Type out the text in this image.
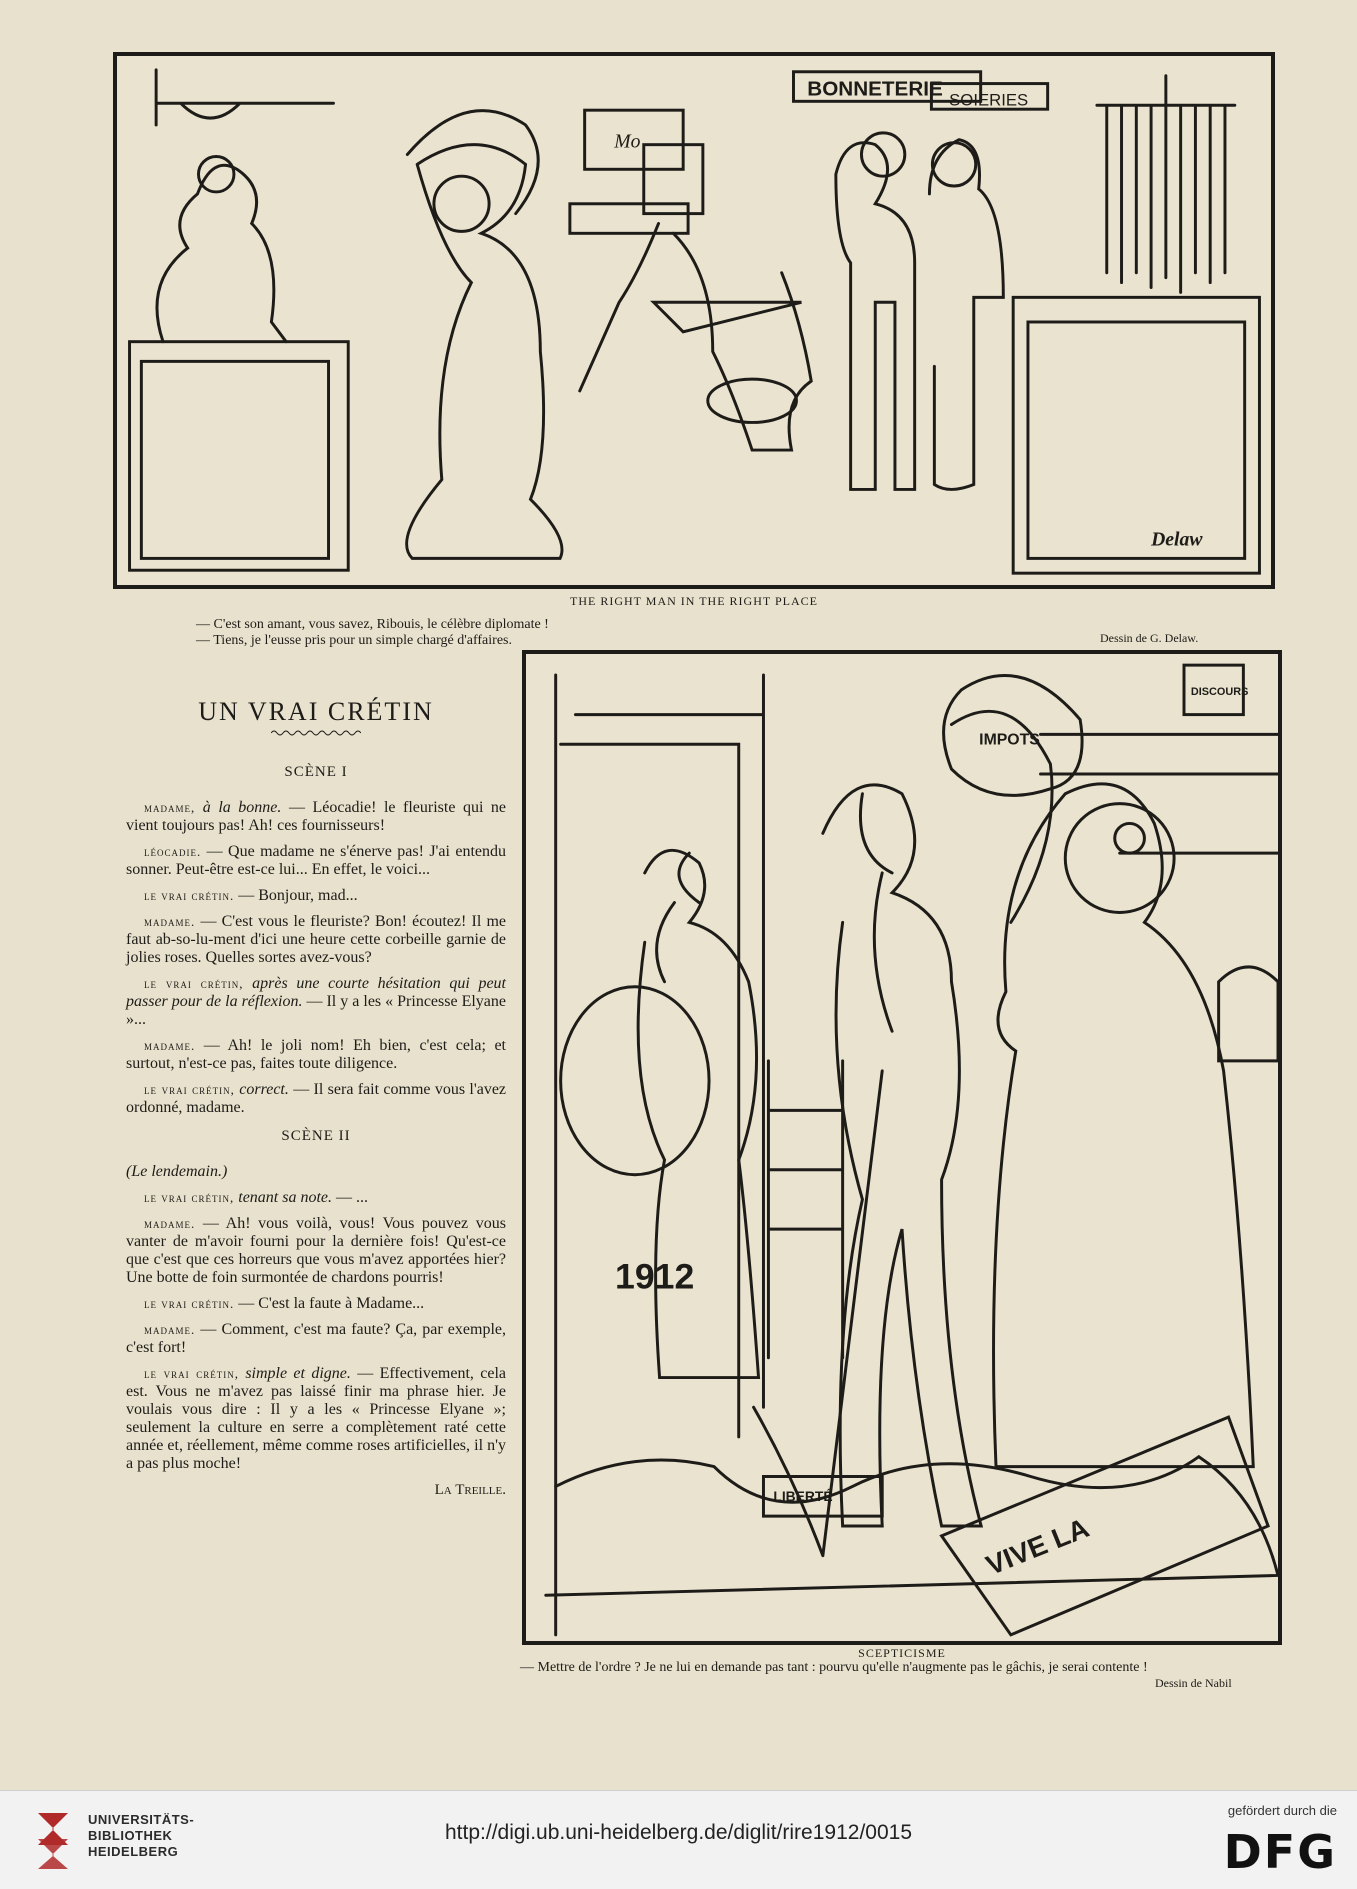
BONNETERIE SOIERIES
Mo
Delaw
THE RIGHT MAN IN THE RIGHT PLACE
— C'est son amant, vous savez, Ribouis, le célèbre diplomate !
— Tiens, je l'eusse pris pour un simple chargé d'affaires.	Dessin de G. Delaw.
UN VRAI CRÉTIN
SCÈNE I

madame, à la bonne. — Léocadie! le fleuriste qui ne vient toujours pas! Ah! ces fournisseurs!

léocadie. — Que madame ne s'énerve pas! J'ai entendu sonner. Peut-être est-ce lui... En effet, le voici...

le vrai crétin. — Bonjour, mad...

madame. — C'est vous le fleuriste? Bon! écoutez! Il me faut ab-so-lu-ment d'ici une heure cette corbeille garnie de jolies roses. Quelles sortes avez-vous?

le vrai crétin, après une courte hésitation qui peut passer pour de la réflexion. — Il y a les « Princesse Elyane »...

madame. — Ah! le joli nom! Eh bien, c'est cela; et surtout, n'est-ce pas, faites toute diligence.

le vrai crétin, correct. — Il sera fait comme vous l'avez ordonné, madame.

SCÈNE II

(Le lendemain.)

le vrai crétin, tenant sa note. — ...

madame. — Ah! vous voilà, vous! Vous pouvez vous vanter de m'avoir fourni pour la dernière fois! Qu'est-ce que c'est que ces horreurs que vous m'avez apportées hier? Une botte de foin surmontée de chardons pourris!

le vrai crétin. — C'est la faute à Madame...

madame. — Comment, c'est ma faute? Ça, par exemple, c'est fort!

le vrai crétin, simple et digne. — Effectivement, cela est. Vous ne m'avez pas laissé finir ma phrase hier. Je voulais vous dire : Il y a les « Princesse Elyane »; seulement la culture en serre a complètement raté cette année et, réellement, même comme roses artificielles, il n'y a pas plus moche!

La Treille.
DISCOURS
IMPOTS
1912
LIBERTÉ
VIVE LA
SCEPTICISME
— Mettre de l'ordre ? Je ne lui en demande pas tant : pourvu qu'elle n'augmente pas le gâchis, je serai contente !
Dessin de Nabil
UNIVERSITÄTS-
BIBLIOTHEK
HEIDELBERG
http://digi.ub.uni-heidelberg.de/diglit/rire1912/0015
gefördert durch die
DFG
